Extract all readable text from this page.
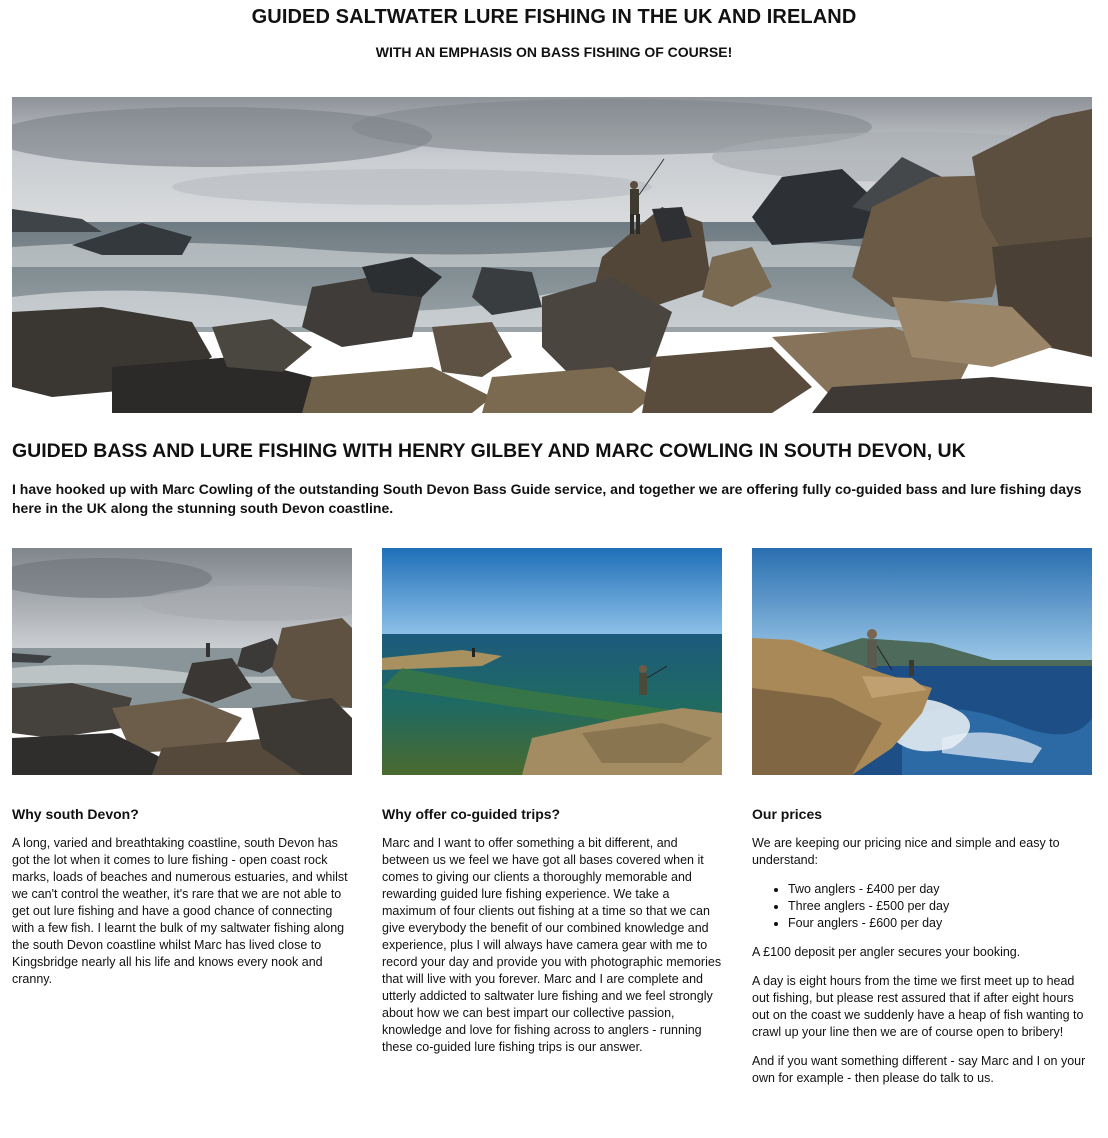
GUIDED SALTWATER LURE FISHING IN THE UK AND IRELAND
WITH AN EMPHASIS ON BASS FISHING OF COURSE!
GUIDED BASS AND LURE FISHING WITH HENRY GILBEY AND MARC COWLING IN SOUTH DEVON, UK

I have hooked up with Marc Cowling of the outstanding South Devon Bass Guide service, and together we are offering fully co-guided bass and lure fishing days here in the UK along the stunning south Devon coastline.

Why south Devon?

A long, varied and breathtaking coastline, south Devon has got the lot when it comes to lure fishing - open coast rock marks, loads of beaches and numerous estuaries, and whilst we can't control the weather, it's rare that we are not able to get out lure fishing and have a good chance of connecting with a few fish. I learnt the bulk of my saltwater fishing along the south Devon coastline whilst Marc has lived close to Kingsbridge nearly all his life and knows every nook and cranny.

Why offer co-guided trips?

Marc and I want to offer something a bit different, and between us we feel we have got all bases covered when it comes to giving our clients a thoroughly memorable and rewarding guided lure fishing experience. We take a maximum of four clients out fishing at a time so that we can give everybody the benefit of our combined knowledge and experience, plus I will always have camera gear with me to record your day and provide you with photographic memories that will live with you forever. Marc and I are complete and utterly addicted to saltwater lure fishing and we feel strongly about how we can best impart our collective passion, knowledge and love for fishing across to anglers - running these co-guided lure fishing trips is our answer.

Our prices

We are keeping our pricing nice and simple and easy to understand:

• Two anglers - £400 per day
• Three anglers - £500 per day
• Four anglers - £600 per day

A £100 deposit per angler secures your booking.

A day is eight hours from the time we first meet up to head out fishing, but please rest assured that if after eight hours out on the coast we suddenly have a heap of fish wanting to crawl up your line then we are of course open to bribery!

And if you want something different - say Marc and I on your own for example - then please do talk to us.
